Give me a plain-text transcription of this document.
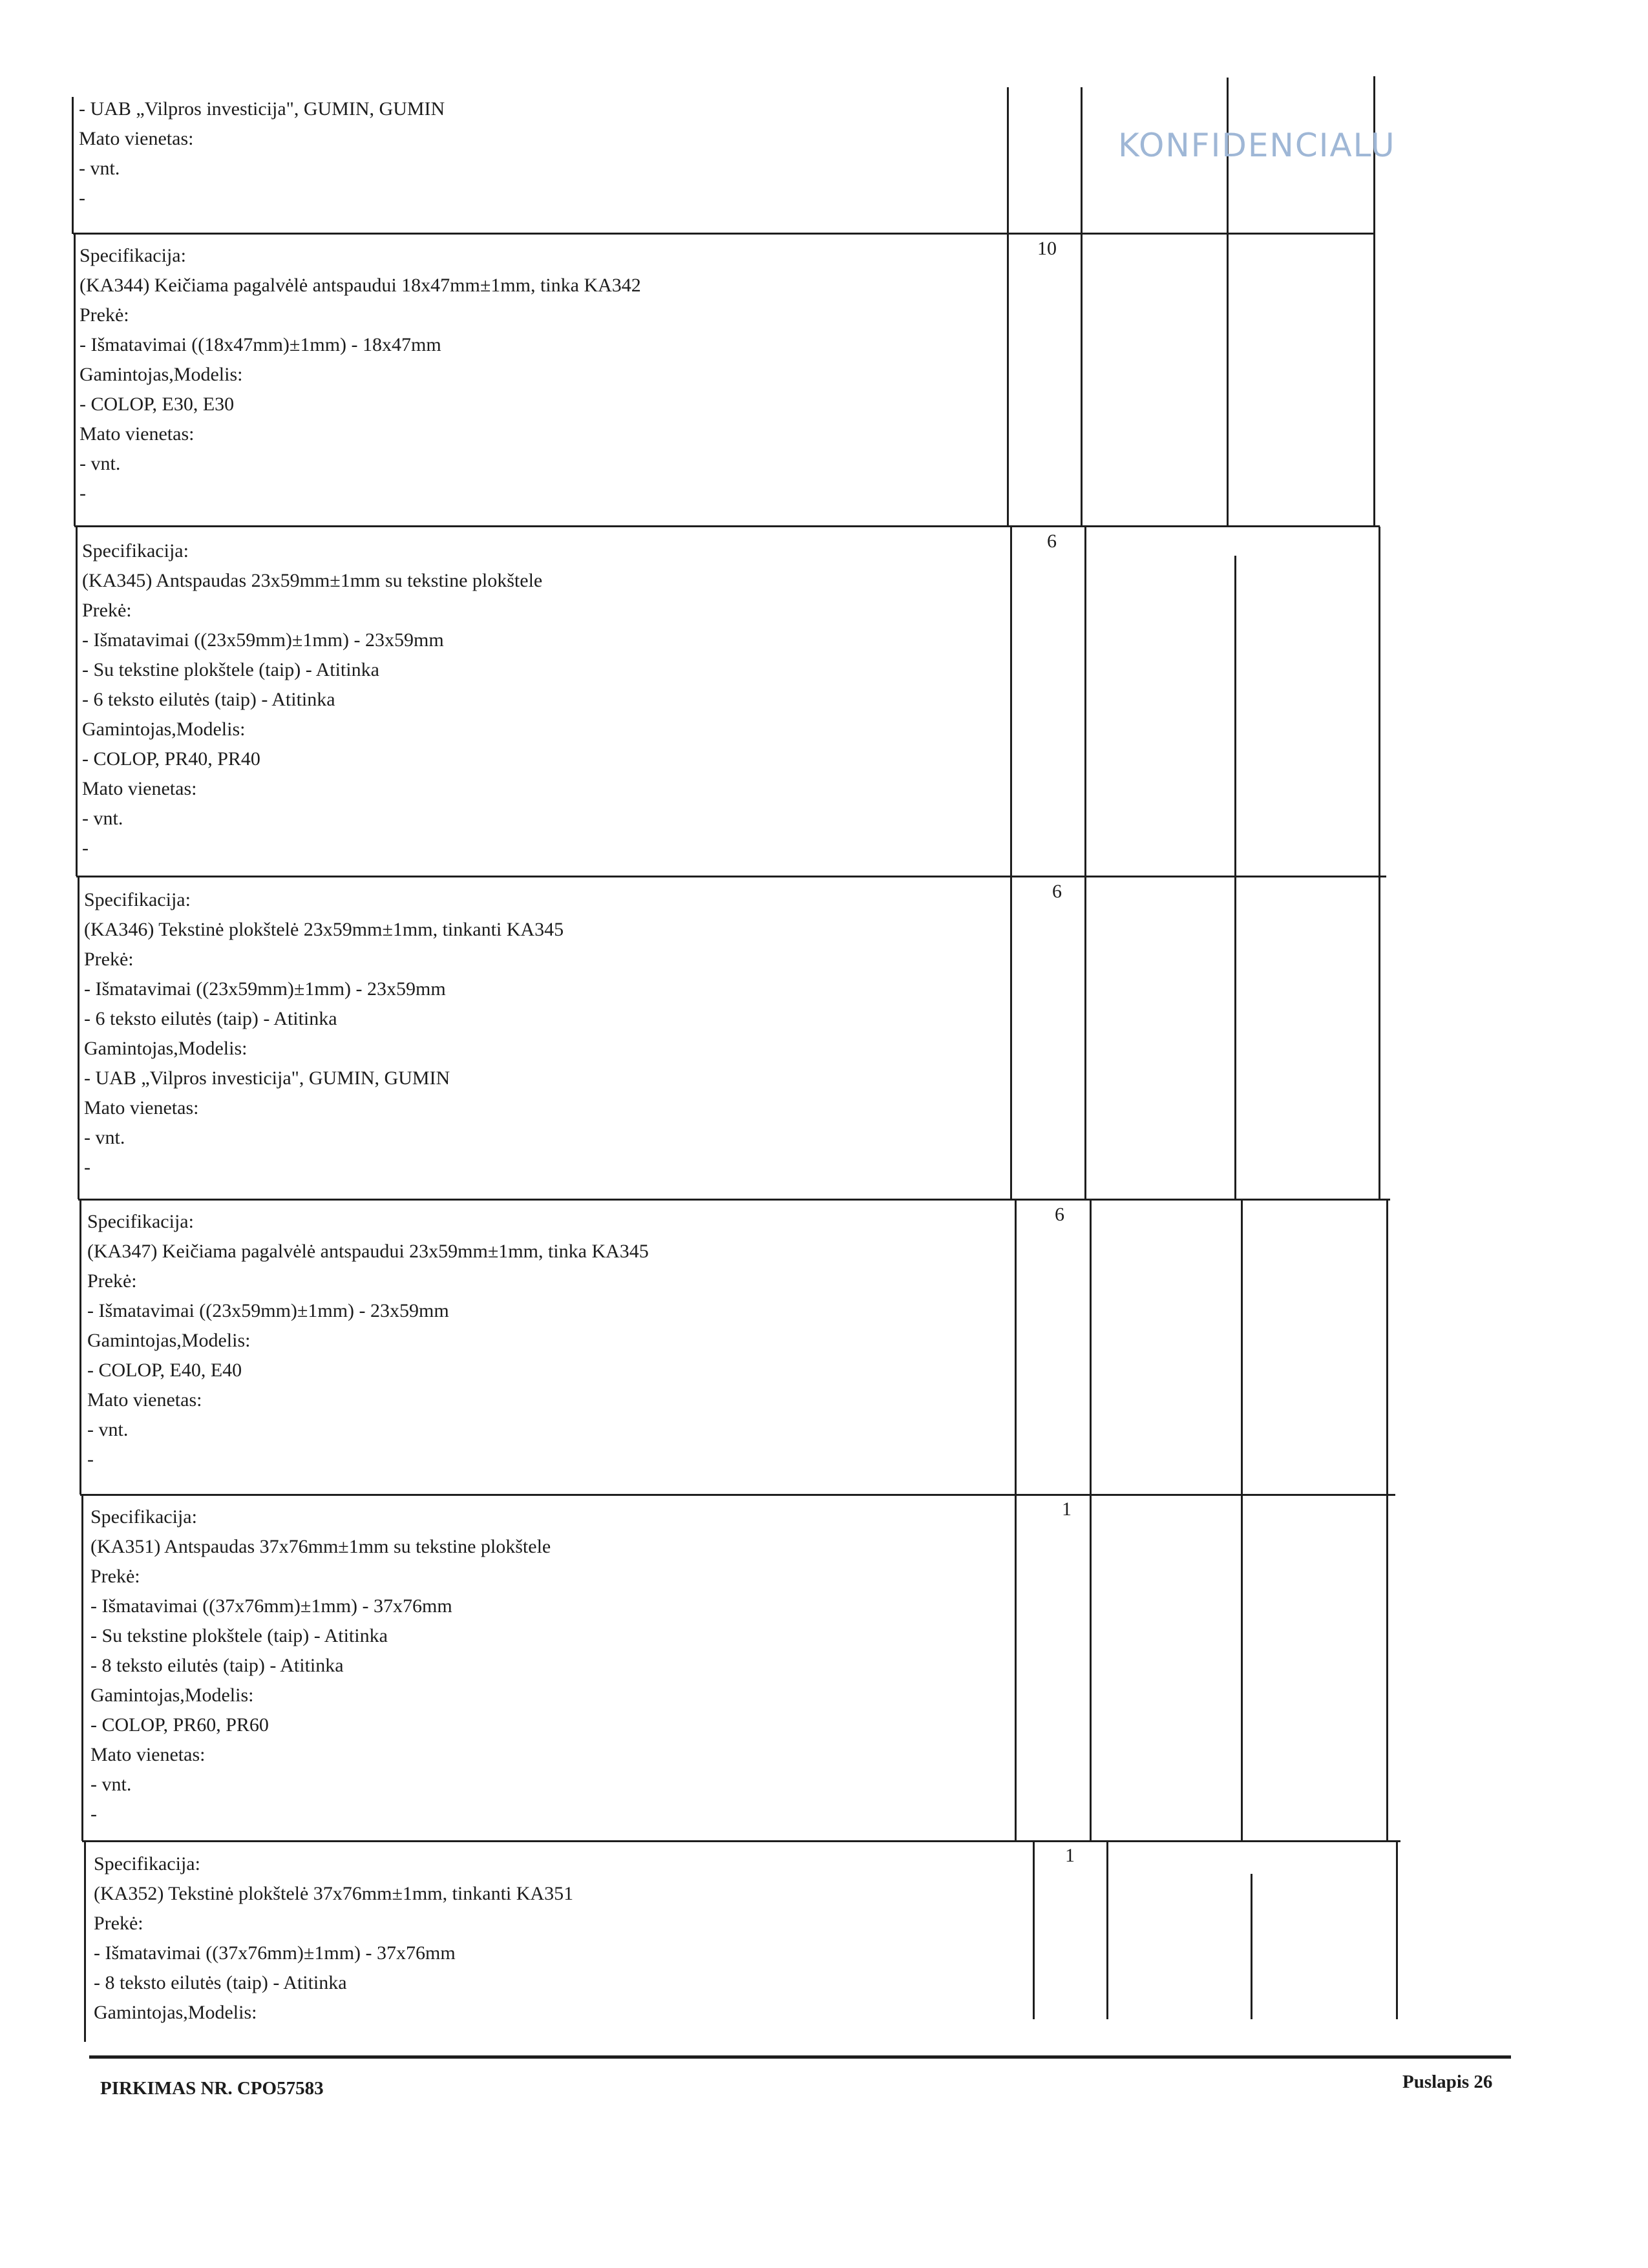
KONFIDENCIALU
- UAB „Vilpros investicija", GUMIN, GUMIN
Mato vienetas:
- vnt.
-
Specifikacija:
(KA344) Keičiama pagalvėlė antspaudui 18x47mm±1mm, tinka KA342
Prekė:
- Išmatavimai ((18x47mm)±1mm) - 18x47mm
Gamintojas,Modelis:
- COLOP, E30, E30
Mato vienetas:
- vnt.
-
10
Specifikacija:
(KA345) Antspaudas 23x59mm±1mm su tekstine plokštele
Prekė:
- Išmatavimai ((23x59mm)±1mm) - 23x59mm
- Su tekstine plokštele (taip) - Atitinka
- 6 teksto eilutės (taip) - Atitinka
Gamintojas,Modelis:
- COLOP, PR40, PR40
Mato vienetas:
- vnt.
-
6
Specifikacija:
(KA346) Tekstinė plokštelė 23x59mm±1mm, tinkanti KA345
Prekė:
- Išmatavimai ((23x59mm)±1mm) - 23x59mm
- 6 teksto eilutės (taip) - Atitinka
Gamintojas,Modelis:
- UAB „Vilpros investicija", GUMIN, GUMIN
Mato vienetas:
- vnt.
-
6
Specifikacija:
(KA347) Keičiama pagalvėlė antspaudui 23x59mm±1mm, tinka KA345
Prekė:
- Išmatavimai ((23x59mm)±1mm) - 23x59mm
Gamintojas,Modelis:
- COLOP, E40, E40
Mato vienetas:
- vnt.
-
6
Specifikacija:
(KA351) Antspaudas 37x76mm±1mm su tekstine plokštele
Prekė:
- Išmatavimai ((37x76mm)±1mm) - 37x76mm
- Su tekstine plokštele (taip) - Atitinka
- 8 teksto eilutės (taip) - Atitinka
Gamintojas,Modelis:
- COLOP, PR60, PR60
Mato vienetas:
- vnt.
-
1
Specifikacija:
(KA352) Tekstinė plokštelė 37x76mm±1mm, tinkanti KA351
Prekė:
- Išmatavimai ((37x76mm)±1mm) - 37x76mm
- 8 teksto eilutės (taip) - Atitinka
Gamintojas,Modelis:
1
PIRKIMAS NR. CPO57583	Puslapis 26
